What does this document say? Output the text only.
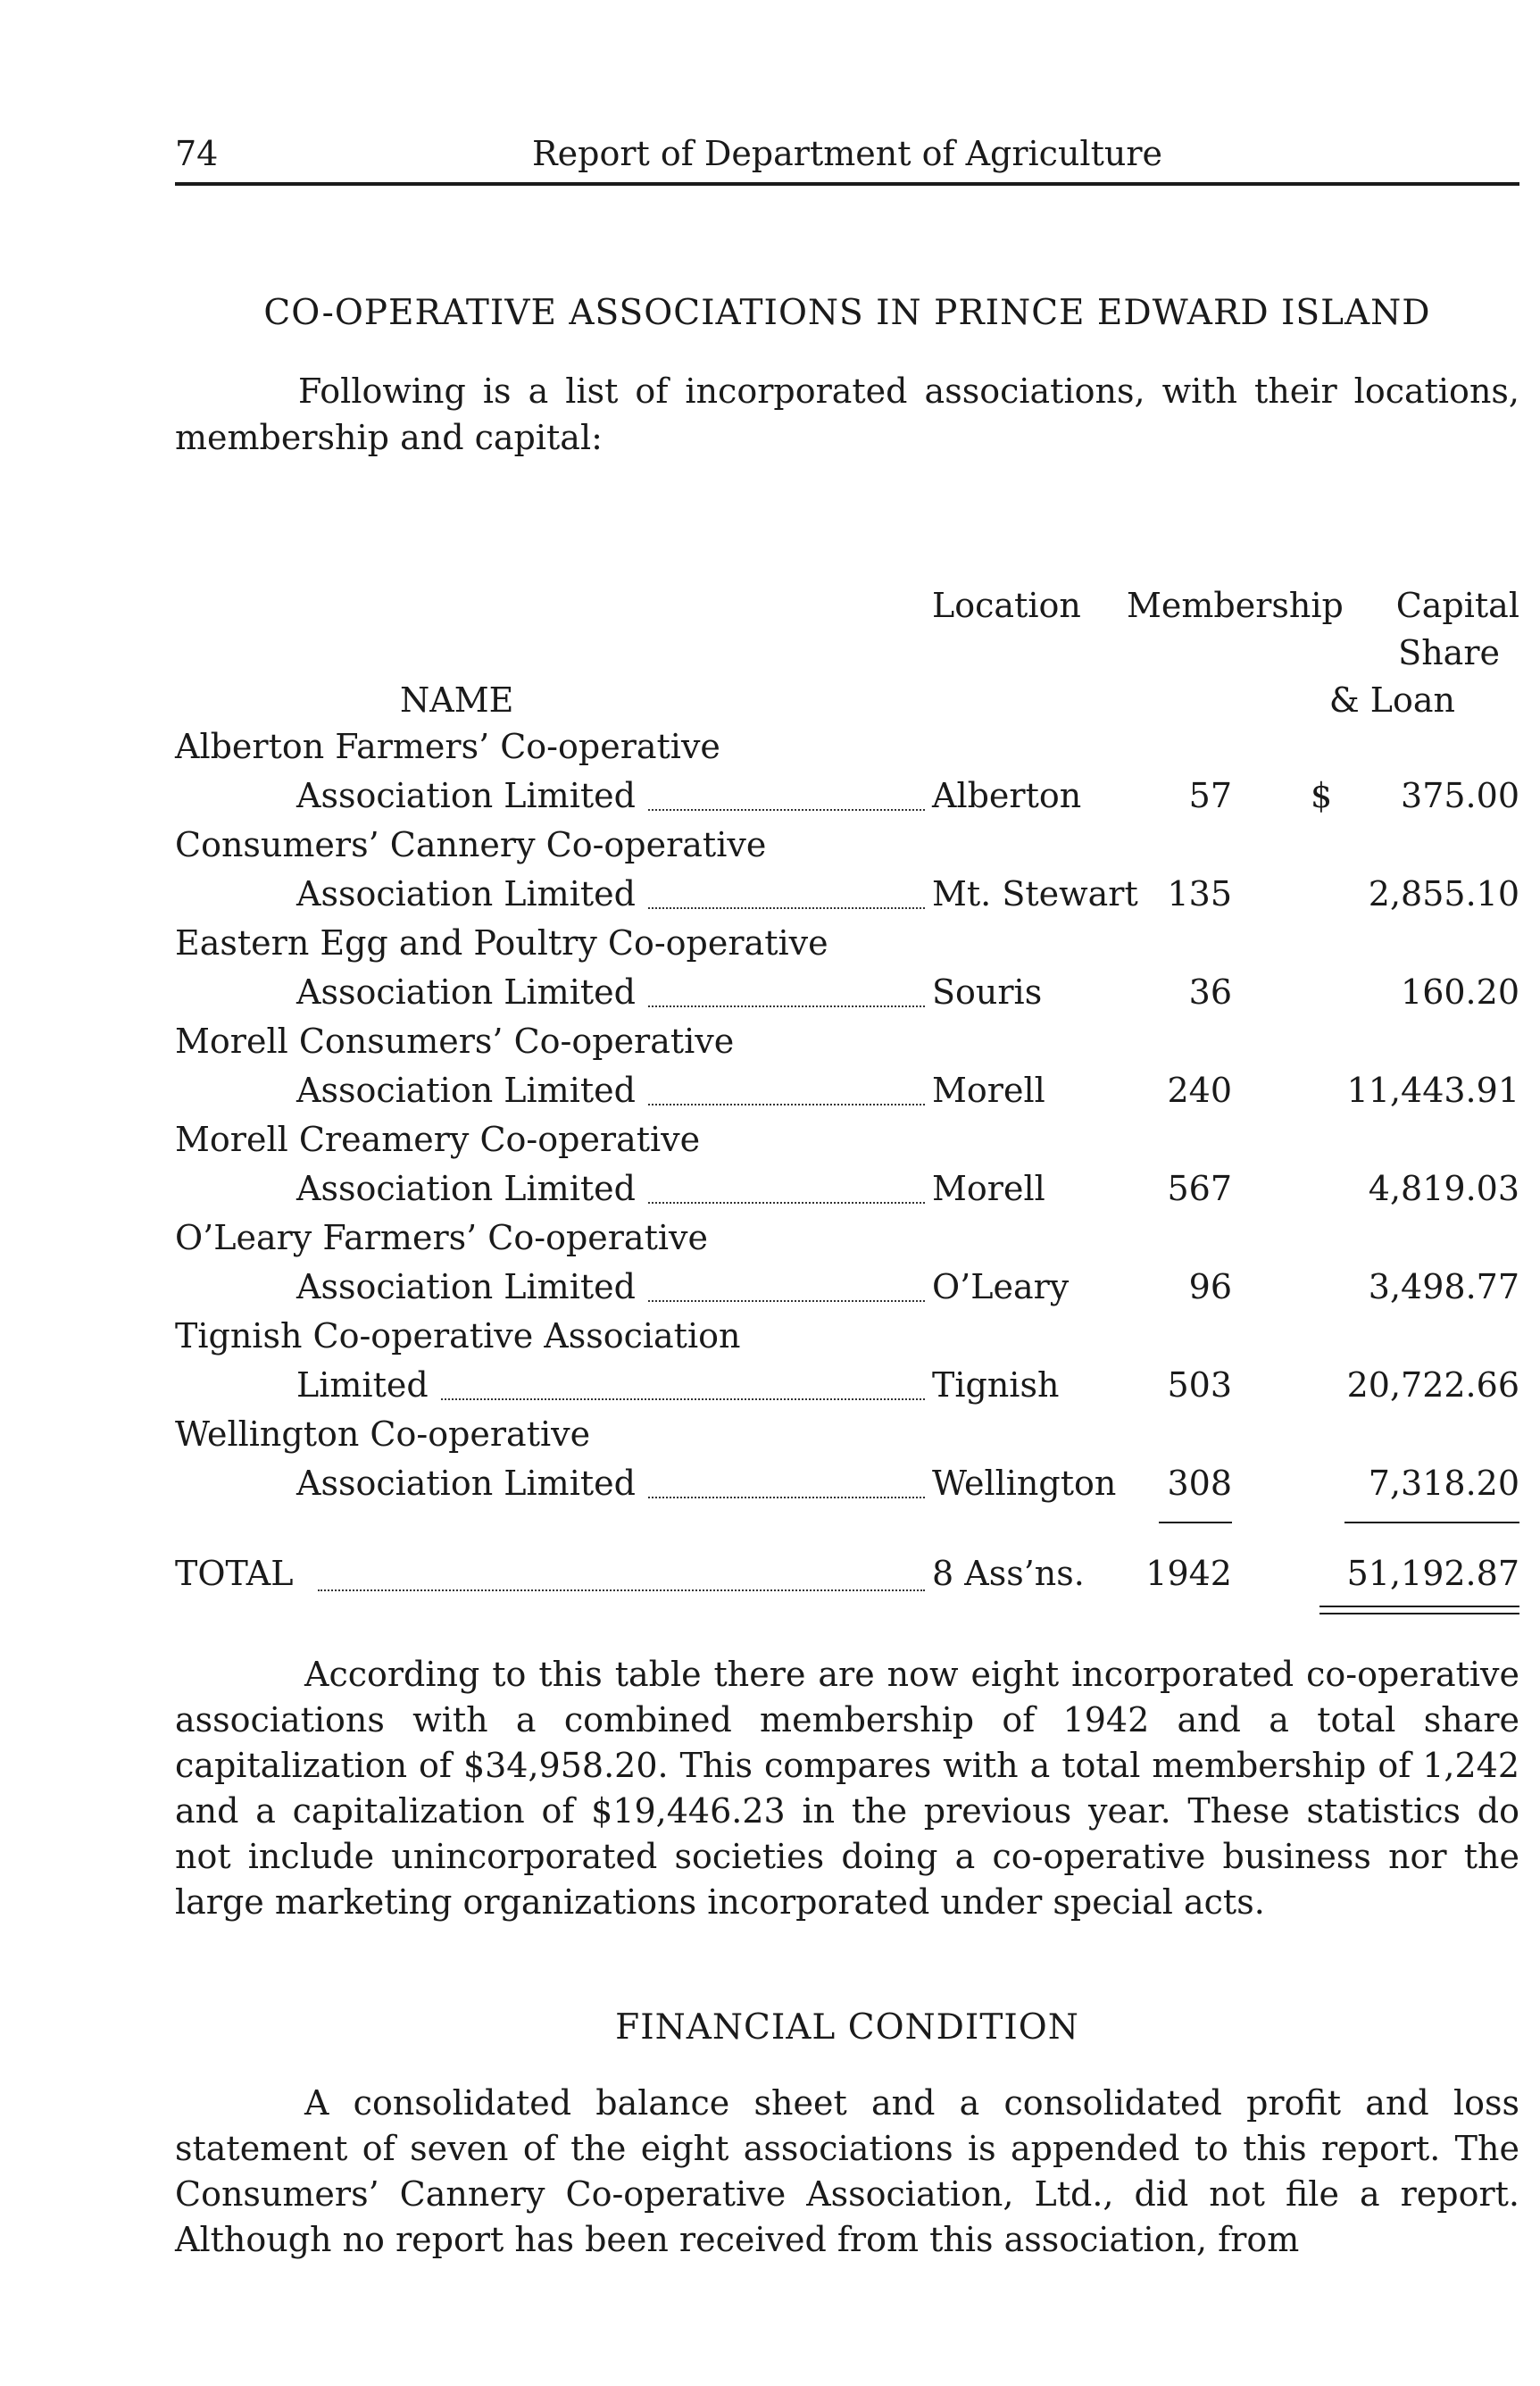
74	Report of Department of Agriculture
CO-OPERATIVE ASSOCIATIONS IN PRINCE EDWARD ISLAND

Following is a list of incorporated associations, with their locations, membership and capital:

Location Membership Capital
Share
& Loan
NAME
Alberton Farmers’ Co-operative
Association Limited	Alberton	57 $ 375.00
Consumers’ Cannery Co-operative
Association Limited	Mt. Stewart 135	2,855.10
Eastern Egg and Poultry Co-operative
Association Limited	Souris	36	160.20
Morell Consumers’ Co-operative
Association Limited	Morell	240	11,443.91
Morell Creamery Co-operative
Association Limited	Morell	567	4,819.03
O’Leary Farmers’ Co-operative
Association Limited	O’Leary	96	3,498.77
Tignish Co-operative Association
Limited	Tignish	503	20,722.66
Wellington Co-operative
Association Limited	Wellington 308	7,318.20
TOTAL	8 Ass’ns. 1942	51,192.87

According to this table there are now eight incorporated co-operative associations with a combined membership of 1942 and a total share capitalization of $34,958.20. This compares with a total membership of 1,242 and a capitalization of $19,446.23 in the previous year. These statistics do not include unincorporated societies doing a co-operative business nor the large marketing organizations incorporated under special acts.

FINANCIAL CONDITION

A consolidated balance sheet and a consolidated profit and loss statement of seven of the eight associations is appended to this report. The Consumers’ Cannery Co-operative Association, Ltd., did not file a report. Although no report has been received from this association, from
